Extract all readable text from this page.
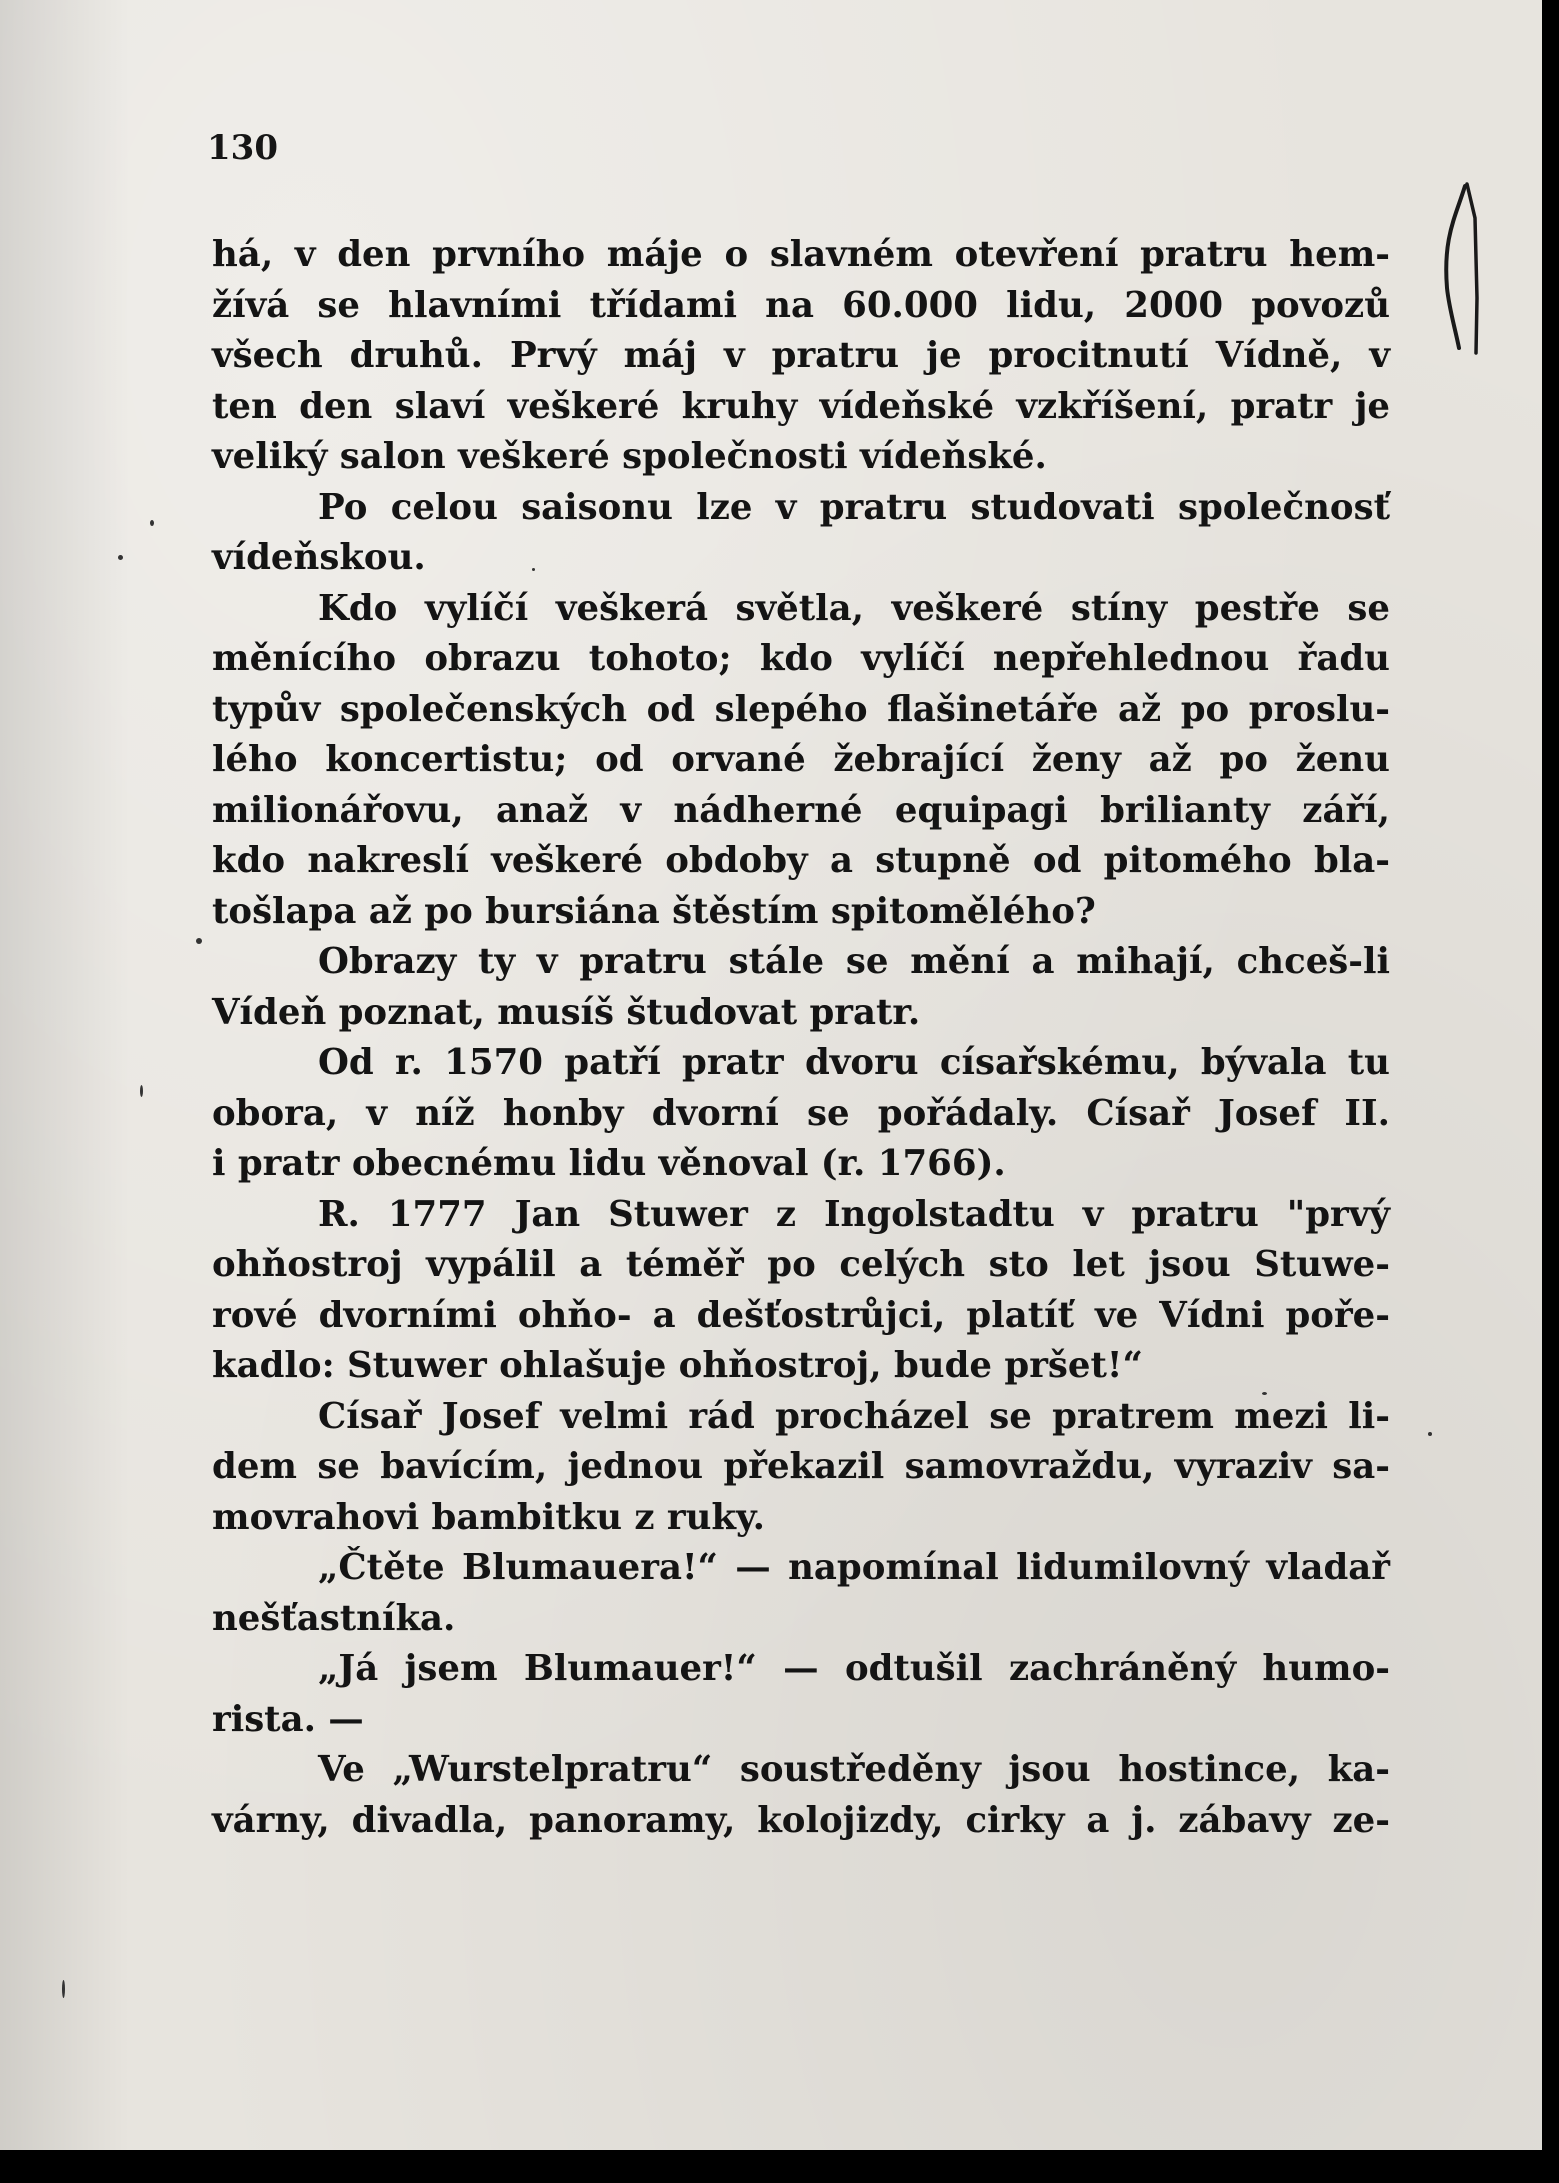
130
há, v den prvního máje o slavném otevření pratru hem-
žívá se hlavními třídami na 60.000 lidu, 2000 povozů
všech druhů. Prvý máj v pratru je procitnutí Vídně, v
ten den slaví veškeré kruhy vídeňské vzkříšení, pratr je
veliký salon veškeré společnosti vídeňské.
Po celou saisonu lze v pratru studovati společnosť
vídeňskou.
Kdo vylíčí veškerá světla, veškeré stíny pestře se
měnícího obrazu tohoto; kdo vylíčí nepřehlednou řadu
typův společenských od slepého flašinetáře až po proslu-
lého koncertistu; od orvané žebrající ženy až po ženu
milionářovu, anaž v nádherné equipagi brilianty září,
kdo nakreslí veškeré obdoby a stupně od pitomého bla-
tošlapa až po bursiána štěstím spitomělého?
Obrazy ty v pratru stále se mění a mihají, chceš-li
Vídeň poznat, musíš študovat pratr.
Od r. 1570 patří pratr dvoru císařskému, bývala tu
obora, v níž honby dvorní se pořádaly. Císař Josef II.
i pratr obecnému lidu věnoval (r. 1766).
R. 1777 Jan Stuwer z Ingolstadtu v pratru "prvý
ohňostroj vypálil a téměř po celých sto let jsou Stuwe-
rové dvorními ohňo- a dešťostrůjci, platíť ve Vídni poře-
kadlo: Stuwer ohlašuje ohňostroj, bude pršet!“
Císař Josef velmi rád procházel se pratrem mezi li-
dem se bavícím, jednou překazil samovraždu, vyraziv sa-
movrahovi bambitku z ruky.
„Čtěte Blumauera!“ — napomínal lidumilovný vladař
nešťastníka.
„Já jsem Blumauer!“ — odtušil zachráněný humo-
rista. —
Ve „Wurstelpratru“ soustředěny jsou hostince, ka-
várny, divadla, panoramy, kolojizdy, cirky a j. zábavy ze-
